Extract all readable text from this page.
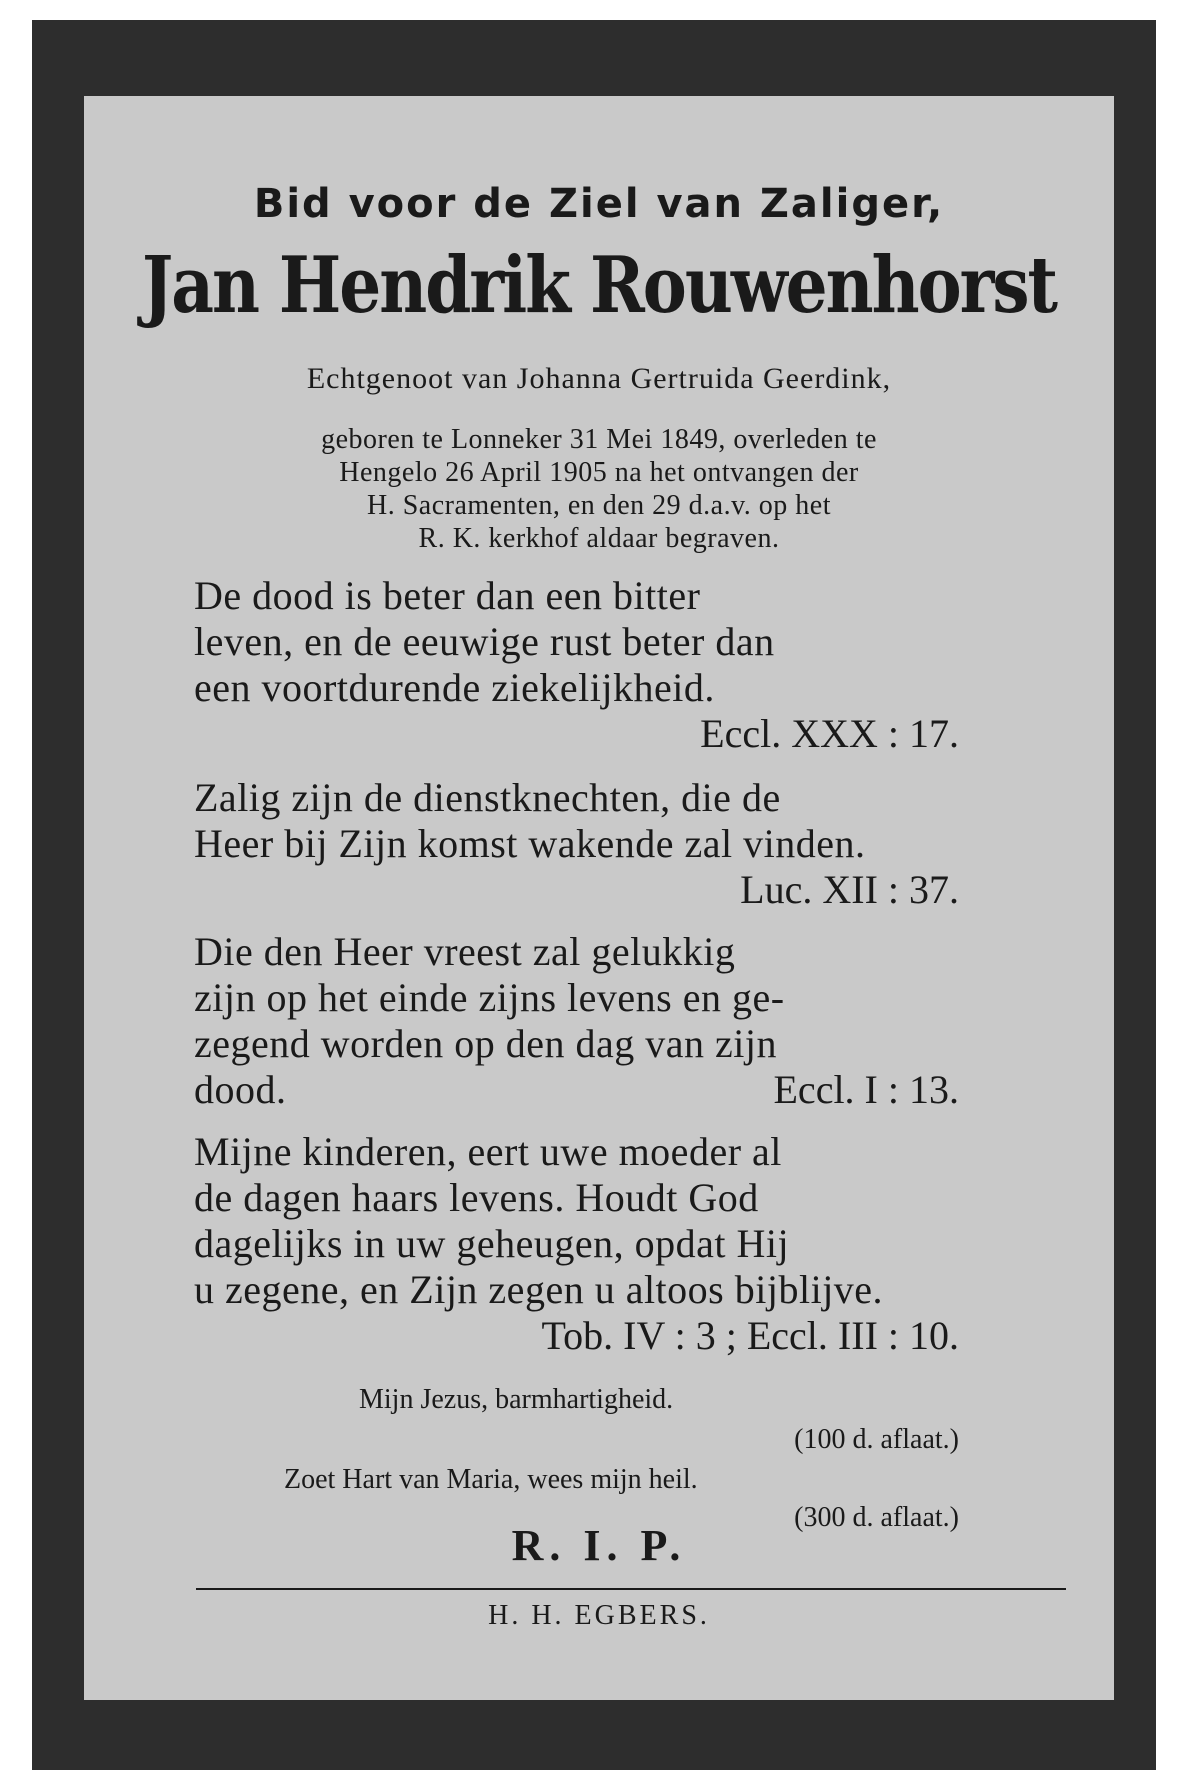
Bid voor de Ziel van Zaliger,
Jan Hendrik Rouwenhorst
Echtgenoot van Johanna Gertruida Geerdink,
geboren te Lonneker 31 Mei 1849, overleden te
Hengelo 26 April 1905 na het ontvangen der
H. Sacramenten, en den 29 d.a.v. op het
R. K. kerkhof aldaar begraven.
De dood is beter dan een bitter
leven, en de eeuwige rust beter dan
een voortdurende ziekelijkheid.
Eccl. XXX : 17.
Zalig zijn de dienstknechten, die de
Heer bij Zijn komst wakende zal vinden.
Luc. XII : 37.
Die den Heer vreest zal gelukkig
zijn op het einde zijns levens en ge-
zegend worden op den dag van zijn
dood.	Eccl. I : 13.
Mijne kinderen, eert uwe moeder al
de dagen haars levens. Houdt God
dagelijks in uw geheugen, opdat Hij
u zegene, en Zijn zegen u altoos bijblijve.
Tob. IV : 3 ; Eccl. III : 10.
Mijn Jezus, barmhartigheid.
(100 d. aflaat.)
Zoet Hart van Maria, wees mijn heil.
(300 d. aflaat.)
R. I. P.
H. H. EGBERS.
